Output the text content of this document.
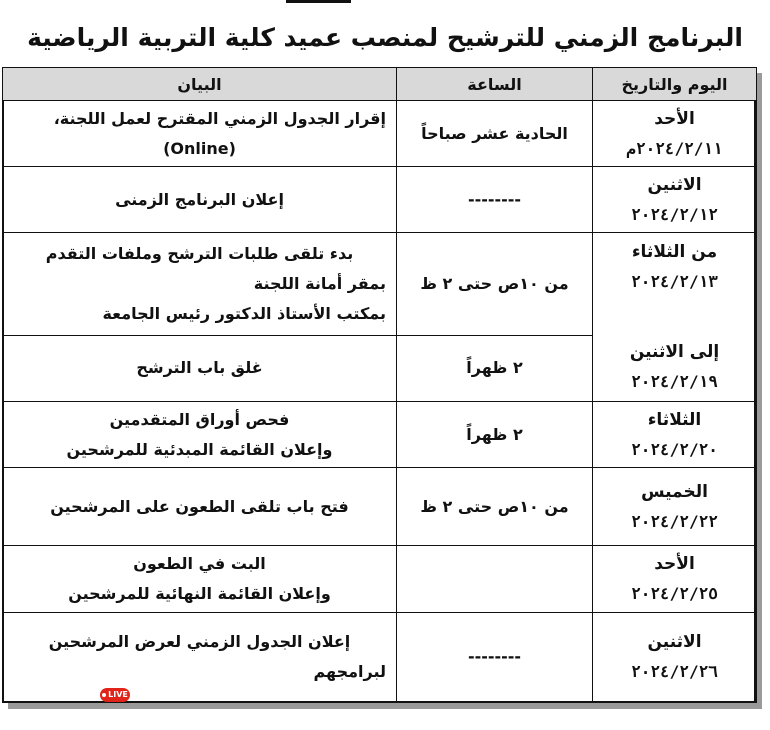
البرنامج الزمني للترشيح لمنصب عميد كلية التربية الرياضية
اليوم والتاريخ	الساعة	البيان

الأحد
٢٠٢٤/٢/١١م	الحادية عشر صباحاً	إقرار الجدول الزمني المقترح لعمل اللجنة،
(Online)

الاثنين
٢٠٢٤/٢/١٢	--------	إعلان البرنامج الزمنى

من الثلاثاء
٢٠٢٤/٢/١٣
إلى الاثنين
٢٠٢٤/٢/١٩	من ١٠ص حتى ٢ ظ	بدء تلقى طلبات الترشح وملفات التقدم
بمقر أمانة اللجنة
بمكتب الأستاذ الدكتور رئيس الجامعة

	٢ ظهراً	غلق باب الترشح

الثلاثاء
٢٠٢٤/٢/٢٠	٢ ظهراً	فحص أوراق المتقدمين
وإعلان القائمة المبدئية للمرشحين

الخميس
٢٠٢٤/٢/٢٢	من ١٠ص حتى ٢ ظ	فتح باب تلقى الطعون على المرشحين

الأحد
٢٠٢٤/٢/٢٥		البت في الطعون
وإعلان القائمة النهائية للمرشحين

الاثنين
٢٠٢٤/٢/٢٦	--------	إعلان الجدول الزمني لعرض المرشحين
لبرامجهم
LIVE
